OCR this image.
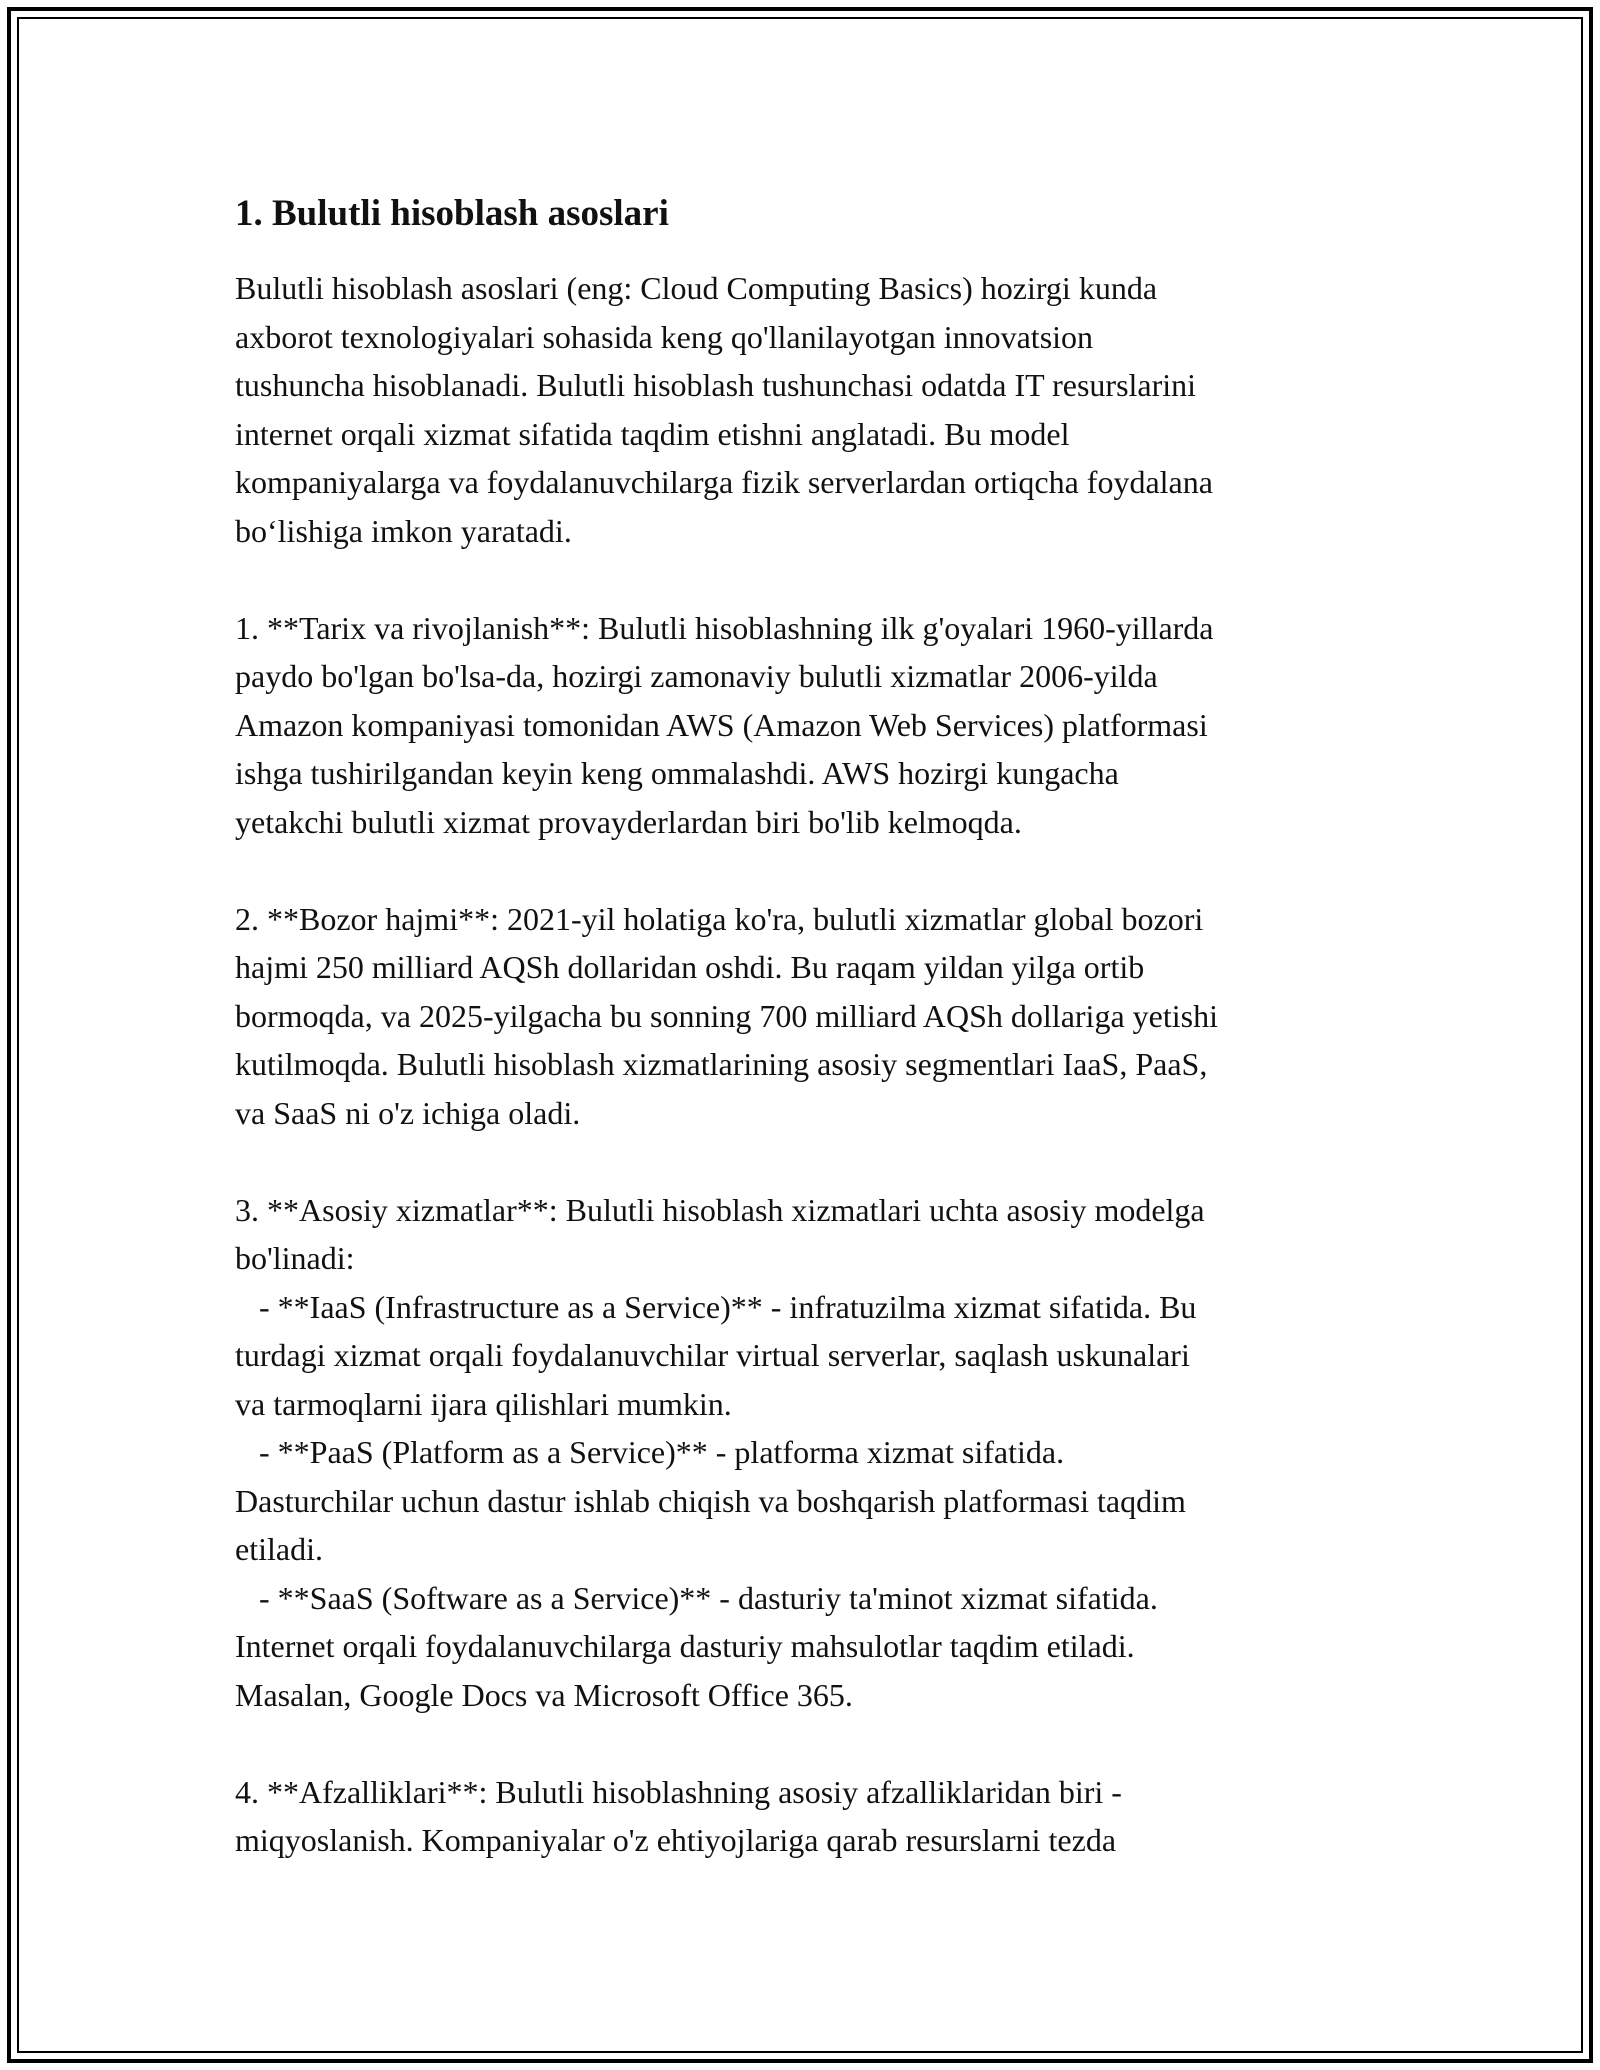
1. Bulutli hisoblash asoslari

Bulutli hisoblash asoslari (eng: Cloud Computing Basics) hozirgi kunda
axborot texnologiyalari sohasida keng qo'llanilayotgan innovatsion
tushuncha hisoblanadi. Bulutli hisoblash tushunchasi odatda IT resurslarini
internet orqali xizmat sifatida taqdim etishni anglatadi. Bu model
kompaniyalarga va foydalanuvchilarga fizik serverlardan ortiqcha foydalana
bo‘lishiga imkon yaratadi.

1. **Tarix va rivojlanish**: Bulutli hisoblashning ilk g'oyalari 1960-yillarda
paydo bo'lgan bo'lsa-da, hozirgi zamonaviy bulutli xizmatlar 2006-yilda
Amazon kompaniyasi tomonidan AWS (Amazon Web Services) platformasi
ishga tushirilgandan keyin keng ommalashdi. AWS hozirgi kungacha
yetakchi bulutli xizmat provayderlardan biri bo'lib kelmoqda.

2. **Bozor hajmi**: 2021-yil holatiga ko'ra, bulutli xizmatlar global bozori
hajmi 250 milliard AQSh dollaridan oshdi. Bu raqam yildan yilga ortib
bormoqda, va 2025-yilgacha bu sonning 700 milliard AQSh dollariga yetishi
kutilmoqda. Bulutli hisoblash xizmatlarining asosiy segmentlari IaaS, PaaS,
va SaaS ni o'z ichiga oladi.

3. **Asosiy xizmatlar**: Bulutli hisoblash xizmatlari uchta asosiy modelga
bo'linadi:
- **IaaS (Infrastructure as a Service)** - infratuzilma xizmat sifatida. Bu
turdagi xizmat orqali foydalanuvchilar virtual serverlar, saqlash uskunalari
va tarmoqlarni ijara qilishlari mumkin.
- **PaaS (Platform as a Service)** - platforma xizmat sifatida.
Dasturchilar uchun dastur ishlab chiqish va boshqarish platformasi taqdim
etiladi.
- **SaaS (Software as a Service)** - dasturiy ta'minot xizmat sifatida.
Internet orqali foydalanuvchilarga dasturiy mahsulotlar taqdim etiladi.
Masalan, Google Docs va Microsoft Office 365.

4. **Afzalliklari**: Bulutli hisoblashning asosiy afzalliklaridan biri -
miqyoslanish. Kompaniyalar o'z ehtiyojlariga qarab resurslarni tezda
